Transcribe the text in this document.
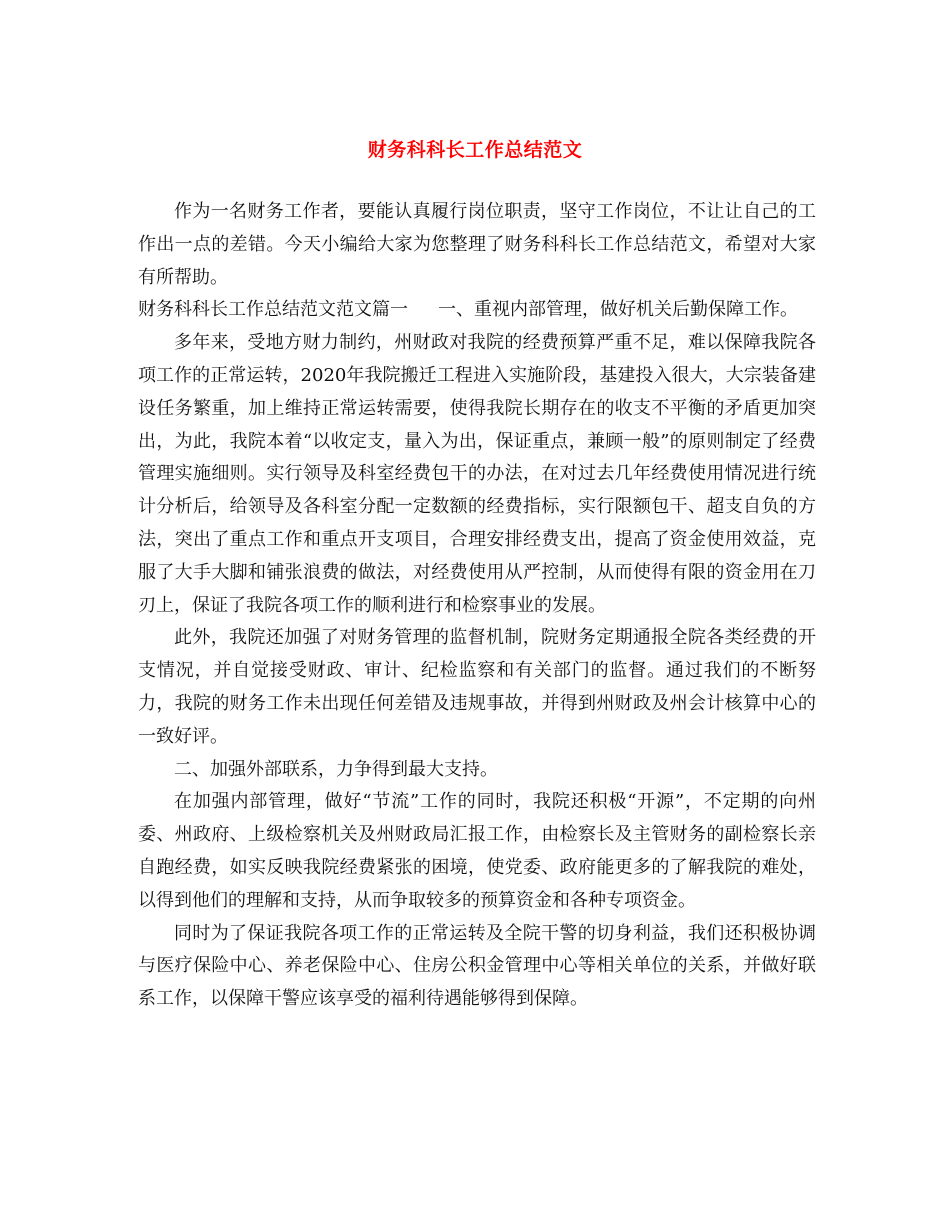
财务科科长工作总结范文

作为一名财务工作者，要能认真履行岗位职责，坚守工作岗位，不让让自己的工作出一点的差错。今天小编给大家为您整理了财务科科长工作总结范文，希望对大家有所帮助。

财务科科长工作总结范文范文篇一 一、重视内部管理，做好机关后勤保障工作。

多年来，受地方财力制约，州财政对我院的经费预算严重不足，难以保障我院各项工作的正常运转，2020年我院搬迁工程进入实施阶段，基建投入很大，大宗装备建设任务繁重，加上维持正常运转需要，使得我院长期存在的收支不平衡的矛盾更加突出，为此，我院本着“以收定支，量入为出，保证重点，兼顾一般”的原则制定了经费管理实施细则。实行领导及科室经费包干的办法，在对过去几年经费使用情况进行统计分析后，给领导及各科室分配一定数额的经费指标，实行限额包干、超支自负的方法，突出了重点工作和重点开支项目，合理安排经费支出，提高了资金使用效益，克服了大手大脚和铺张浪费的做法，对经费使用从严控制，从而使得有限的资金用在刀刃上，保证了我院各项工作的顺利进行和检察事业的发展。

此外，我院还加强了对财务管理的监督机制，院财务定期通报全院各类经费的开支情况，并自觉接受财政、审计、纪检监察和有关部门的监督。通过我们的不断努力，我院的财务工作未出现任何差错及违规事故，并得到州财政及州会计核算中心的一致好评。

二、加强外部联系，力争得到最大支持。

在加强内部管理，做好“节流”工作的同时，我院还积极“开源”，不定期的向州委、州政府、上级检察机关及州财政局汇报工作，由检察长及主管财务的副检察长亲自跑经费，如实反映我院经费紧张的困境，使党委、政府能更多的了解我院的难处，以得到他们的理解和支持，从而争取较多的预算资金和各种专项资金。

同时为了保证我院各项工作的正常运转及全院干警的切身利益，我们还积极协调与医疗保险中心、养老保险中心、住房公积金管理中心等相关单位的关系，并做好联系工作，以保障干警应该享受的福利待遇能够得到保障。
